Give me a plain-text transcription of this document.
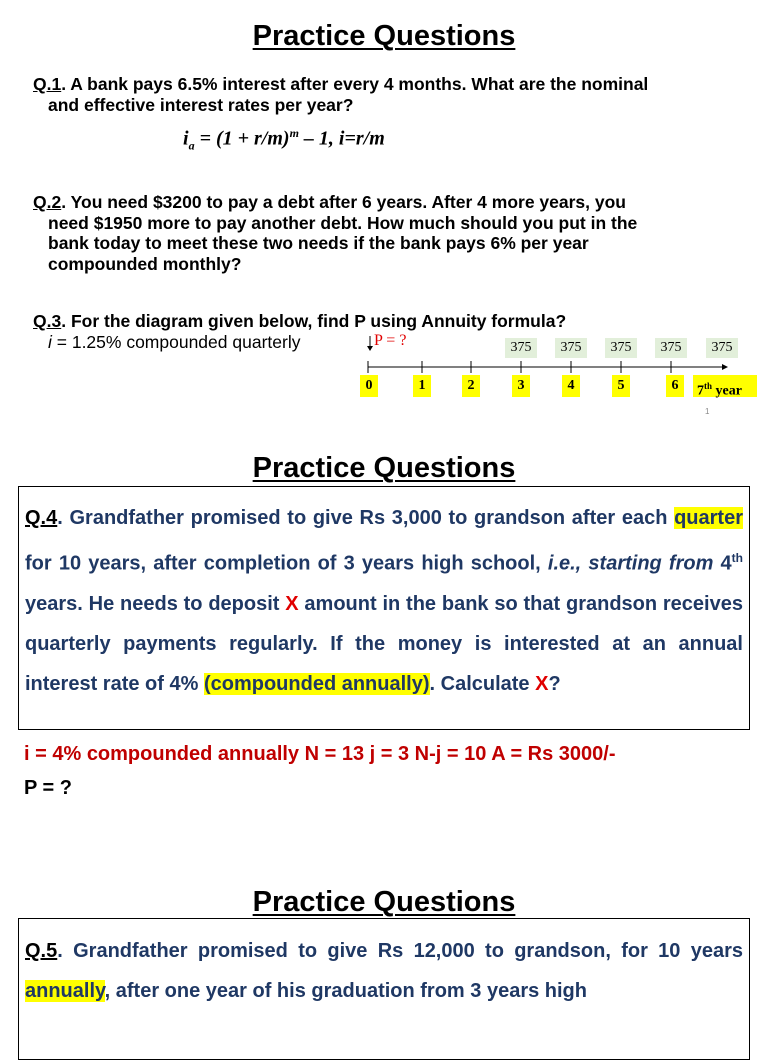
Practice Questions
Q.1. A bank pays 6.5% interest after every 4 months. What are the nominal
and effective interest rates per year?
$i_a = (1 + r/m)^m - 1$, i=r/m
Q.2. You need $3200 to pay a debt after 6 years. After 4 more years, you
need $1950 more to pay another debt. How much should you put in the
bank today to meet these two needs if the bank pays 6% per year
compounded monthly?
Q.3. For the diagram given below, find P using Annuity formula?
i = 1.25% compounded quarterly	P = ?	375	375	375	375	375
0	1	2	3	4	5	6	7th year
1
Practice Questions
Q.4. Grandfather promised to give Rs 3,000 to grandson after each quarter for 10 years, after completion of 3 years high school, i.e., starting from 4th years. He needs to deposit X amount in the bank so that grandson receives quarterly payments regularly. If the money is interested at an annual interest rate of 4% (compounded annually). Calculate X?
i = 4% compounded annually N = 13 j = 3 N-j = 10 A = Rs 3000/-
P = ?
Practice Questions
Q.5. Grandfather promised to give Rs 12,000 to grandson, for 10 years annually, after one year of his graduation from 3 years high
